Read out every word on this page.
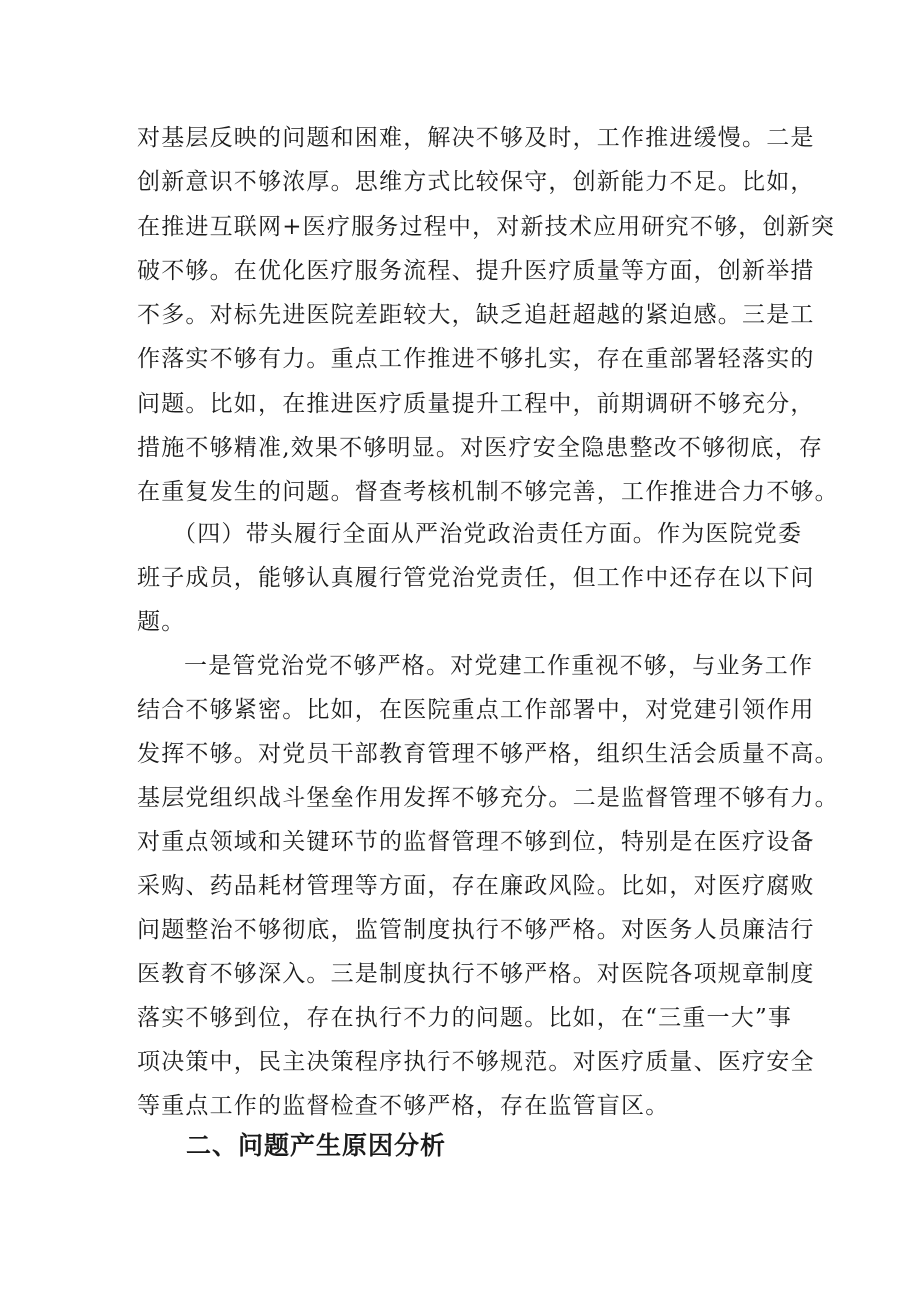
对基层反映的问题和困难，解决不够及时，工作推进缓慢。二是
创新意识不够浓厚。思维方式比较保守，创新能力不足。比如，
在推进互联网+医疗服务过程中，对新技术应用研究不够，创新突
破不够。在优化医疗服务流程、提升医疗质量等方面，创新举措
不多。对标先进医院差距较大，缺乏追赶超越的紧迫感。三是工
作落实不够有力。重点工作推进不够扎实，存在重部署轻落实的
问题。比如，在推进医疗质量提升工程中，前期调研不够充分，
措施不够精准,效果不够明显。对医疗安全隐患整改不够彻底，存
在重复发生的问题。督查考核机制不够完善，工作推进合力不够。
（四）带头履行全面从严治党政治责任方面。作为医院党委
班子成员，能够认真履行管党治党责任，但工作中还存在以下问
题。
一是管党治党不够严格。对党建工作重视不够，与业务工作
结合不够紧密。比如，在医院重点工作部署中，对党建引领作用
发挥不够。对党员干部教育管理不够严格，组织生活会质量不高。
基层党组织战斗堡垒作用发挥不够充分。二是监督管理不够有力。
对重点领域和关键环节的监督管理不够到位，特别是在医疗设备
采购、药品耗材管理等方面，存在廉政风险。比如，对医疗腐败
问题整治不够彻底，监管制度执行不够严格。对医务人员廉洁行
医教育不够深入。三是制度执行不够严格。对医院各项规章制度
落实不够到位，存在执行不力的问题。比如，在“三重一大”事
项决策中，民主决策程序执行不够规范。对医疗质量、医疗安全
等重点工作的监督检查不够严格，存在监管盲区。
二、问题产生原因分析
